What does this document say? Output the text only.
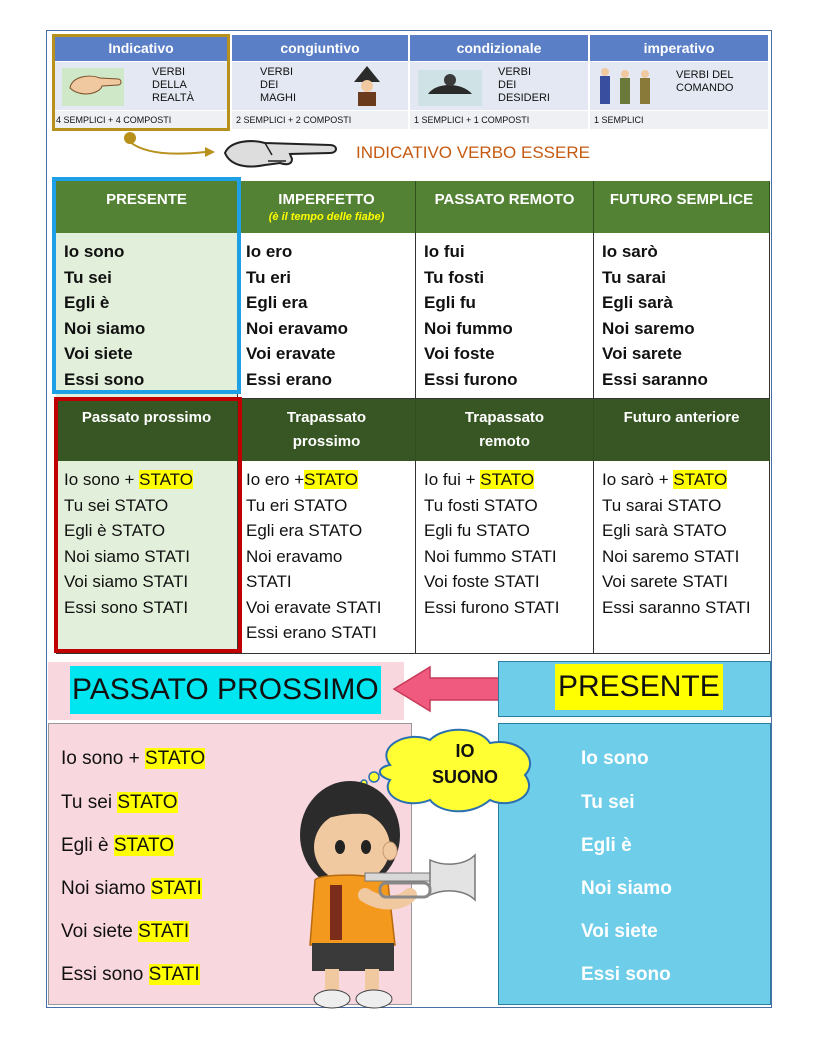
Indicativo
VERBI
DELLA
REALTÀ
4 SEMPLICI + 4 COMPOSTI
congiuntivo
VERBI
DEI
MAGHI
2 SEMPLICI + 2 COMPOSTI
condizionale
VERBI
DEI
DESIDERI
1 SEMPLICI + 1 COMPOSTI
imperativo
VERBI DEL
COMANDO
1 SEMPLICI
INDICATIVO VERBO ESSERE
PRESENTE
Io sono
Tu sei
Egli è
Noi siamo
Voi siete
Essi sono
IMPERFETTO
(è il tempo delle fiabe)
Io ero
Tu eri
Egli era
Noi eravamo
Voi eravate
Essi erano
PASSATO REMOTO
Io fui
Tu fosti
Egli fu
Noi fummo
Voi foste
Essi furono
FUTURO SEMPLICE
Io sarò
Tu sarai
Egli sarà
Noi saremo
Voi sarete
Essi saranno
Passato prossimo
Io sono + STATO
Tu sei STATO
Egli è STATO
Noi siamo STATI
Voi siamo STATI
Essi sono STATI
Trapassato
prossimo
Io ero +STATO
Tu eri STATO
Egli era STATO
Noi eravamo
STATI
Voi eravate STATI
Essi erano STATI
Trapassato
remoto
Io fui + STATO
Tu fosti STATO
Egli fu STATO
Noi fummo STATI
Voi foste STATI
Essi furono STATI
Futuro anteriore
Io sarò + STATO
Tu sarai STATO
Egli sarà STATO
Noi saremo STATI
Voi sarete STATI
Essi saranno STATI
PASSATO PROSSIMO	PRESENTE
Io sono + STATO
Tu sei STATO
Egli è STATO
Noi siamo STATI
Voi siete STATI
Essi sono STATI
Io sono
Tu sei
Egli è
Noi siamo
Voi siete
Essi sono
IO
SUONO
